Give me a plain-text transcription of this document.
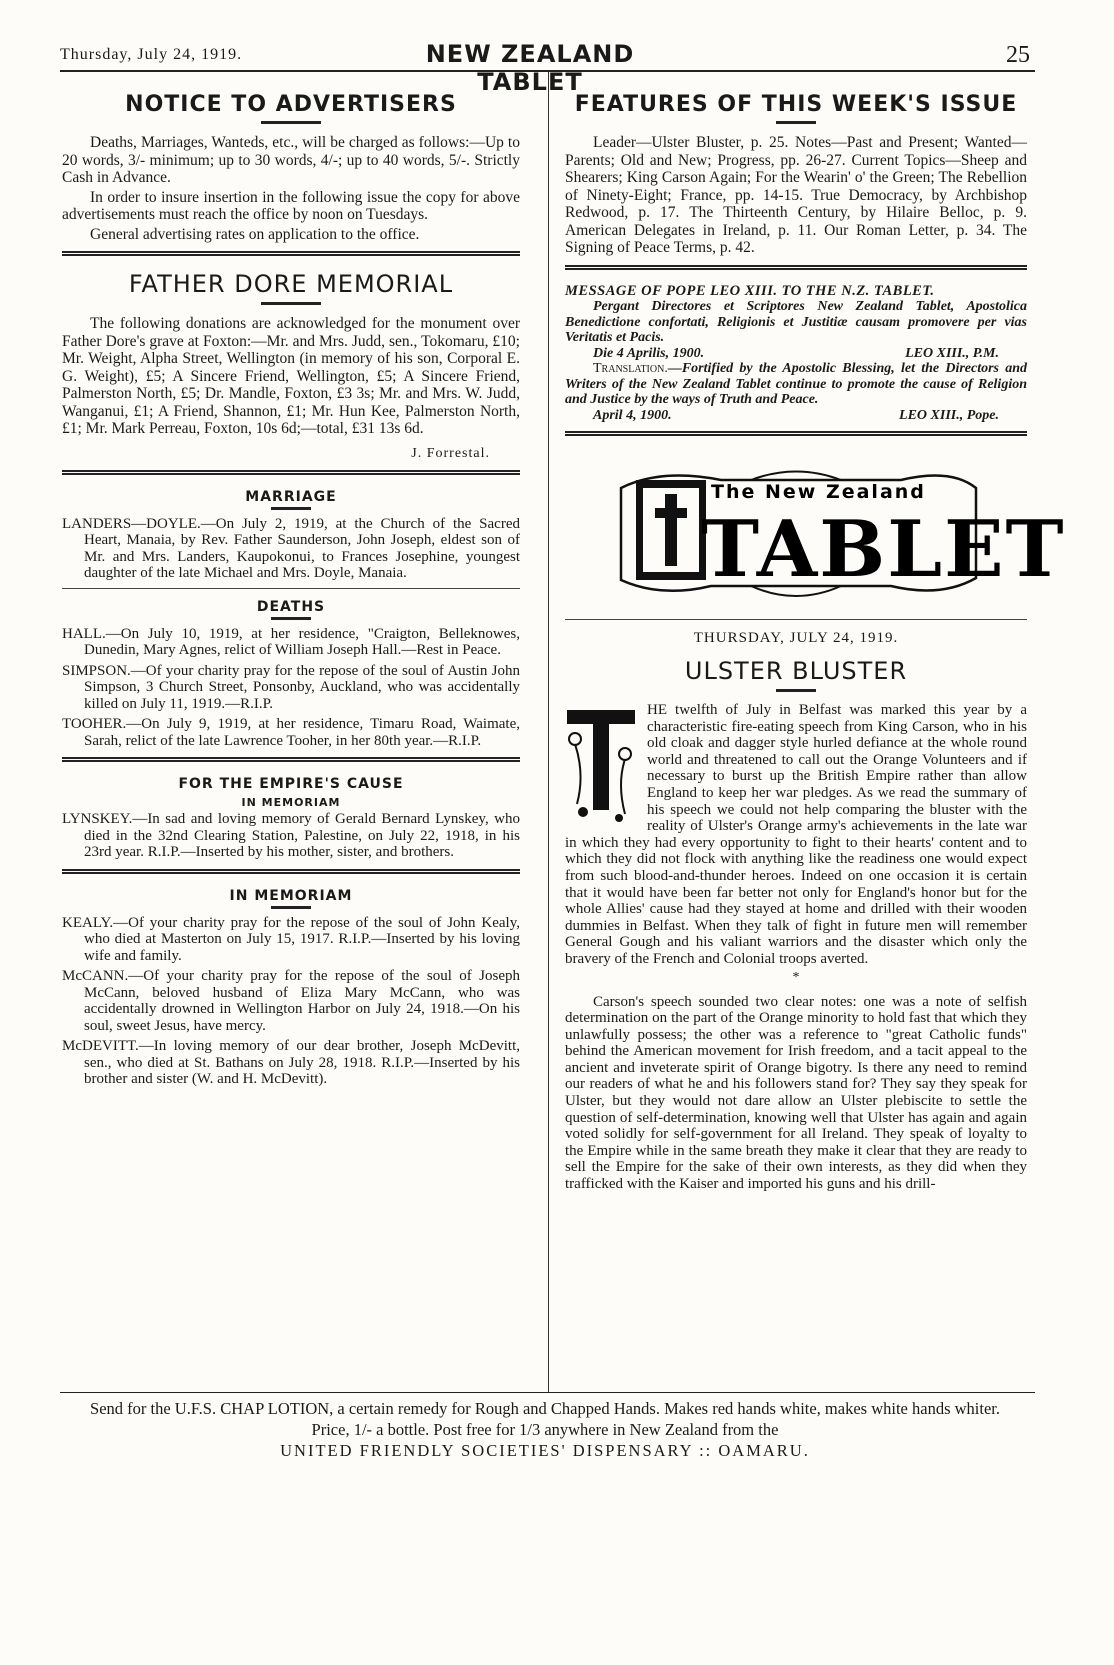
Thursday, July 24, 1919.	NEW ZEALAND TABLET
25
NOTICE TO ADVERTISERS

Deaths, Marriages, Wanteds, etc., will be charged as follows:—Up to 20 words, 3/- minimum; up to 30 words, 4/-; up to 40 words, 5/-. Strictly Cash in Advance.

In order to insure insertion in the following issue the copy for above advertisements must reach the office by noon on Tuesdays.

General advertising rates on application to the office.

FATHER DORE MEMORIAL

The following donations are acknowledged for the monument over Father Dore's grave at Foxton:—Mr. and Mrs. Judd, sen., Tokomaru, £10; Mr. Weight, Alpha Street, Wellington (in memory of his son, Corporal E. G. Weight), £5; A Sincere Friend, Wellington, £5; A Sincere Friend, Palmerston North, £5; Dr. Mandle, Foxton, £3 3s; Mr. and Mrs. W. Judd, Wanganui, £1; A Friend, Shannon, £1; Mr. Hun Kee, Palmerston North, £1; Mr. Mark Perreau, Foxton, 10s 6d;—total, £31 13s 6d.

J. Forrestal.
MARRIAGE

LANDERS—DOYLE.—On July 2, 1919, at the Church of the Sacred Heart, Manaia, by Rev. Father Saunderson, John Joseph, eldest son of Mr. and Mrs. Landers, Kaupokonui, to Frances Josephine, youngest daughter of the late Michael and Mrs. Doyle, Manaia.

DEATHS

HALL.—On July 10, 1919, at her residence, "Craigton, Belleknowes, Dunedin, Mary Agnes, relict of William Joseph Hall.—Rest in Peace.

SIMPSON.—Of your charity pray for the repose of the soul of Austin John Simpson, 3 Church Street, Ponsonby, Auckland, who was accidentally killed on July 11, 1919.—R.I.P.

TOOHER.—On July 9, 1919, at her residence, Timaru Road, Waimate, Sarah, relict of the late Lawrence Tooher, in her 80th year.—R.I.P.

FOR THE EMPIRE'S CAUSE
IN MEMORIAM

LYNSKEY.—In sad and loving memory of Gerald Bernard Lynskey, who died in the 32nd Clearing Station, Palestine, on July 22, 1918, in his 23rd year. R.I.P.—Inserted by his mother, sister, and brothers.

IN MEMORIAM

KEALY.—Of your charity pray for the repose of the soul of John Kealy, who died at Masterton on July 15, 1917. R.I.P.—Inserted by his loving wife and family.

McCANN.—Of your charity pray for the repose of the soul of Joseph McCann, beloved husband of Eliza Mary McCann, who was accidentally drowned in Wellington Harbor on July 24, 1918.—On his soul, sweet Jesus, have mercy.

McDEVITT.—In loving memory of our dear brother, Joseph McDevitt, sen., who died at St. Bathans on July 28, 1918. R.I.P.—Inserted by his brother and sister (W. and H. McDevitt).

FEATURES OF THIS WEEK'S ISSUE

Leader—Ulster Bluster, p. 25. Notes—Past and Present; Wanted—Parents; Old and New; Progress, pp. 26-27. Current Topics—Sheep and Shearers; King Carson Again; For the Wearin' o' the Green; The Rebellion of Ninety-Eight; France, pp. 14-15. True Democracy, by Archbishop Redwood, p. 17. The Thirteenth Century, by Hilaire Belloc, p. 9. American Delegates in Ireland, p. 11. Our Roman Letter, p. 34. The Signing of Peace Terms, p. 42.

MESSAGE OF POPE LEO XIII. TO THE N.Z. TABLET.
Pergant Directores et Scriptores New Zealand Tablet, Apostolica Benedictione confortati, Religionis et Justitiæ causam promovere per vias Veritatis et Pacis.
Die 4 Aprilis, 1900.	LEO XIII., P.M.
Translation.—Fortified by the Apostolic Blessing, let the Directors and Writers of the New Zealand Tablet continue to promote the cause of Religion and Justice by the ways of Truth and Peace.
April 4, 1900.	LEO XIII., Pope.
The New Zealand
TABLET
THURSDAY, JULY 24, 1919.
ULSTER BLUSTER

HE twelfth of July in Belfast was marked this year by a characteristic fire-eating speech from King Carson, who in his old cloak and dagger style hurled defiance at the whole round world and threatened to call out the Orange Volunteers and if necessary to burst up the British Empire rather than allow England to keep her war pledges. As we read the summary of his speech we could not help comparing the bluster with the reality of Ulster's Orange army's achievements in the late war in which they had every opportunity to fight to their hearts' content and to which they did not flock with anything like the readiness one would expect from such blood-and-thunder heroes. Indeed on one occasion it is certain that it would have been far better not only for England's honor but for the whole Allies' cause had they stayed at home and drilled with their wooden dummies in Belfast. When they talk of fight in future men will remember General Gough and his valiant warriors and the disaster which only the bravery of the French and Colonial troops averted.

*

Carson's speech sounded two clear notes: one was a note of selfish determination on the part of the Orange minority to hold fast that which they unlawfully possess; the other was a reference to "great Catholic funds" behind the American movement for Irish freedom, and a tacit appeal to the ancient and inveterate spirit of Orange bigotry. Is there any need to remind our readers of what he and his followers stand for? They say they speak for Ulster, but they would not dare allow an Ulster plebiscite to settle the question of self-determination, knowing well that Ulster has again and again voted solidly for self-government for all Ireland. They speak of loyalty to the Empire while in the same breath they make it clear that they are ready to sell the Empire for the sake of their own interests, as they did when they trafficked with the Kaiser and imported his guns and his drill-

Send for the U.F.S. CHAP LOTION, a certain remedy for Rough and Chapped Hands. Makes red hands white, makes white hands whiter. Price, 1/- a bottle. Post free for 1/3 anywhere in New Zealand from the
UNITED FRIENDLY SOCIETIES' DISPENSARY :: OAMARU.
